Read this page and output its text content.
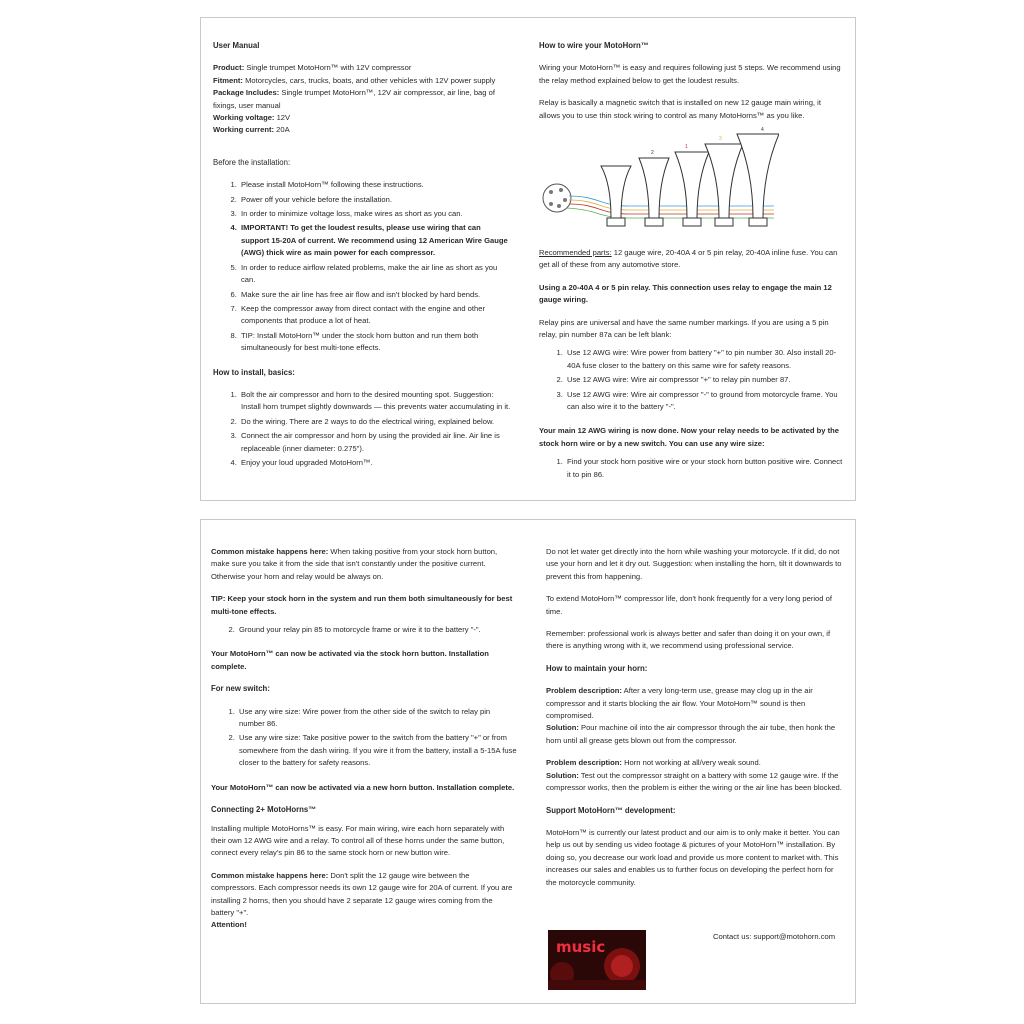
User Manual

Product: Single trumpet MotoHorn™ with 12V compressor

Fitment: Motorcycles, cars, trucks, boats, and other vehicles with 12V power supply

Package Includes: Single trumpet MotoHorn™, 12V air compressor, air line, bag of fixings, user manual

Working voltage: 12V

Working current: 20A

Before the installation:
1. Please install MotoHorn™ following these instructions.
2. Power off your vehicle before the installation.
3. In order to minimize voltage loss, make wires as short as you can.
4. IMPORTANT! To get the loudest results, please use wiring that can support 15-20A of current. We recommend using 12 American Wire Gauge (AWG) thick wire as main power for each compressor.
5. In order to reduce airflow related problems, make the air line as short as you can.
6. Make sure the air line has free air flow and isn't blocked by hard bends.
7. Keep the compressor away from direct contact with the engine and other components that produce a lot of heat.
8. TIP: Install MotoHorn™ under the stock horn button and run them both simultaneously for best multi-tone effects.
How to install, basics:
1. Bolt the air compressor and horn to the desired mounting spot. Suggestion: Install horn trumpet slightly downwards — this prevents water accumulating in it.
2. Do the wiring. There are 2 ways to do the electrical wiring, explained below.
3. Connect the air compressor and horn by using the provided air line. Air line is replaceable (inner diameter: 0.275").
4. Enjoy your loud upgraded MotoHorn™.
How to wire your MotoHorn™

Wiring your MotoHorn™ is easy and requires following just 5 steps. We recommend using the relay method explained below to get the loudest results.

Relay is basically a magnetic switch that is installed on new 12 gauge main wiring, it allows you to use thin stock wiring to control as many MotoHorns™ as you like.

2
1
3
4

Recommended parts: 12 gauge wire, 20-40A 4 or 5 pin relay, 20-40A inline fuse. You can get all of these from any automotive store.

Using a 20-40A 4 or 5 pin relay. This connection uses relay to engage the main 12 gauge wiring.

Relay pins are universal and have the same number markings. If you are using a 5 pin relay, pin number 87a can be left blank:

1. Use 12 AWG wire: Wire power from battery "+" to pin number 30. Also install 20-40A fuse closer to the battery on this same wire for safety reasons.
2. Use 12 AWG wire: Wire air compressor "+" to relay pin number 87.
3. Use 12 AWG wire: Wire air compressor "-" to ground from motorcycle frame. You can also wire it to the battery "-".

Your main 12 AWG wiring is now done. Now your relay needs to be activated by the stock horn wire or by a new switch. You can use any wire size:

1. Find your stock horn positive wire or your stock horn button positive wire. Connect it to pin 86.

Common mistake happens here: When taking positive from your stock horn button, make sure you take it from the side that isn't constantly under the positive current. Otherwise your horn and relay would be always on.

TIP: Keep your stock horn in the system and run them both simultaneously for best multi-tone effects.

2. Ground your relay pin 85 to motorcycle frame or wire it to the battery "-".

Your MotoHorn™ can now be activated via the stock horn button. Installation complete.

For new switch:
1. Use any wire size: Wire power from the other side of the switch to relay pin number 86.
2. Use any wire size: Take positive power to the switch from the battery "+" or from somewhere from the dash wiring. If you wire it from the battery, install a 5-15A fuse closer to the battery for safety reasons.

Your MotoHorn™ can now be activated via a new horn button. Installation complete.

Connecting 2+ MotoHorns™

Installing multiple MotoHorns™ is easy. For main wiring, wire each horn separately with their own 12 AWG wire and a relay. To control all of these horns under the same button, connect every relay's pin 86 to the same stock horn or new button wire.

Common mistake happens here: Don't split the 12 gauge wire between the compressors. Each compressor needs its own 12 gauge wire for 20A of current. If you are installing 2 horns, then you should have 2 separate 12 gauge wires coming from the battery "+".

Attention!

Do not let water get directly into the horn while washing your motorcycle. If it did, do not use your horn and let it dry out. Suggestion: when installing the horn, tilt it downwards to prevent this from happening.

To extend MotoHorn™ compressor life, don't honk frequently for a very long period of time.

Remember: professional work is always better and safer than doing it on your own, if there is anything wrong with it, we recommend using professional service.

How to maintain your horn:

Problem description: After a very long-term use, grease may clog up in the air compressor and it starts blocking the air flow. Your MotoHorn™ sound is then compromised.

Solution: Pour machine oil into the air compressor through the air tube, then honk the horn until all grease gets blown out from the compressor.

Problem description: Horn not working at all/very weak sound.

Solution: Test out the compressor straight on a battery with some 12 gauge wire. If the compressor works, then the problem is either the wiring or the air line has been blocked.

Support MotoHorn™ development:

MotoHorn™ is currently our latest product and our aim is to only make it better. You can help us out by sending us video footage & pictures of your MotoHorn™ installation. By doing so, you decrease our work load and provide us more content to market with. This increases our sales and enables us to further focus on developing the perfect horn for the motorcycle community.

music
Contact us: support@motohorn.com
